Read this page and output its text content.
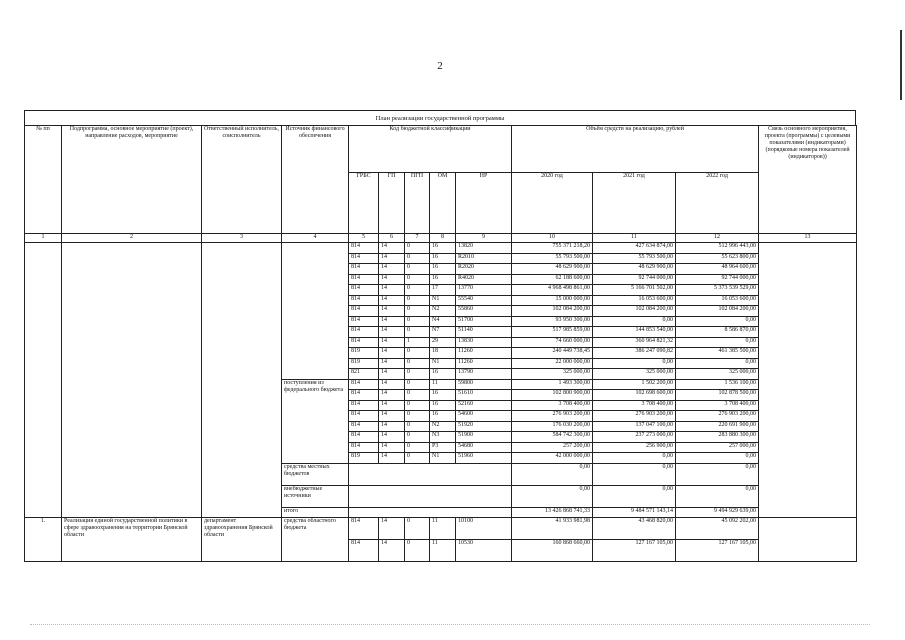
2
План реализации государственной программы
№ пп	Подпрограмма, основное мероприятие (проект), направление расходов, мероприятие	Ответственный исполнитель, соисполнитель	Источник финансового обеспечения	Код бюджетной классификации					Объём средств на реализацию, рублей			Связь основного мероприятия, проекта (программы) с целевыми показателями (индикаторами) (порядковые номера показателей (индикаторов))
				ГРБС	ГП	ПГП	ОМ	НР	2020 год	2021 год	2022 год	
1	2	3	4	5	6	7	8	9	10	11	12	13
				814	14	0	16	13820	755 371 218,20	427 634 874,00	512 996 443,00	
				814	14	0	16	R2010	55 793 500,00	55 793 500,00	55 623 800,00	
				814	14	0	16	R2020	48 629 900,00	48 629 900,00	48 964 600,00	
				814	14	0	16	R4020	62 188 600,00	92 744 000,00	92 744 000,00	
				814	14	0	17	13770	4 968 498 861,00	5 166 701 502,00	5 373 539 529,00	
				814	14	0	N1	55540	15 000 000,00	16 053 600,00	16 053 600,00	
				814	14	0	N2	55860	102 084 200,00	102 084 200,00	102 084 200,00	
				814	14	0	N4	51700	93 950 300,00	0,00	0,00	
				814	14	0	N7	51140	517 985 859,00	144 853 540,00	8 586 870,00	
				814	14	1	29	13830	74 660 000,00	360 964 821,32	0,00	
				819	14	0	18	11260	240 449 738,45	386 247 090,82	461 385 500,00	
				819	14	0	N1	11260	22 000 000,00	0,00	0,00	
				821	14	0	16	13790	325 000,00	325 000,00	325 000,00	
			поступления из федерального бюджета	814	14	0	11	59800	1 493 300,00	1 502 200,00	1 536 100,00	
				814	14	0	16	51610	102 800 900,00	102 698 600,00	102 878 500,00	
				814	14	0	16	52160	3 708 400,00	3 708 400,00	3 708 400,00	
				814	14	0	16	54600	276 903 200,00	276 903 200,00	276 903 200,00	
				814	14	0	N2	51920	176 030 200,00	137 047 100,00	220 691 900,00	
				814	14	0	N3	51900	584 742 300,00	237 273 000,00	283 880 300,00	
				814	14	0	P3	54680	257 200,00	256 900,00	257 000,00	
				819	14	0	N1	51960	42 000 000,00	0,00	0,00	
			средства местных бюджетов						0,00	0,00	0,00	
			внебюджетные источники						0,00	0,00	0,00	
			итого						13 426 868 741,33	9 484 571 143,14	9 494 929 639,00	
1.	Реализация единой государственной политики в сфере здравоохранения на территории Брянской области	департамент здравоохранения Брянской области	средства областного бюджета	814	14	0	11	10100	41 933 981,98	43 468 820,00	45 092 202,00	
				814	14	0	11	10530	160 868 660,00	127 167 105,00	127 167 105,00	
